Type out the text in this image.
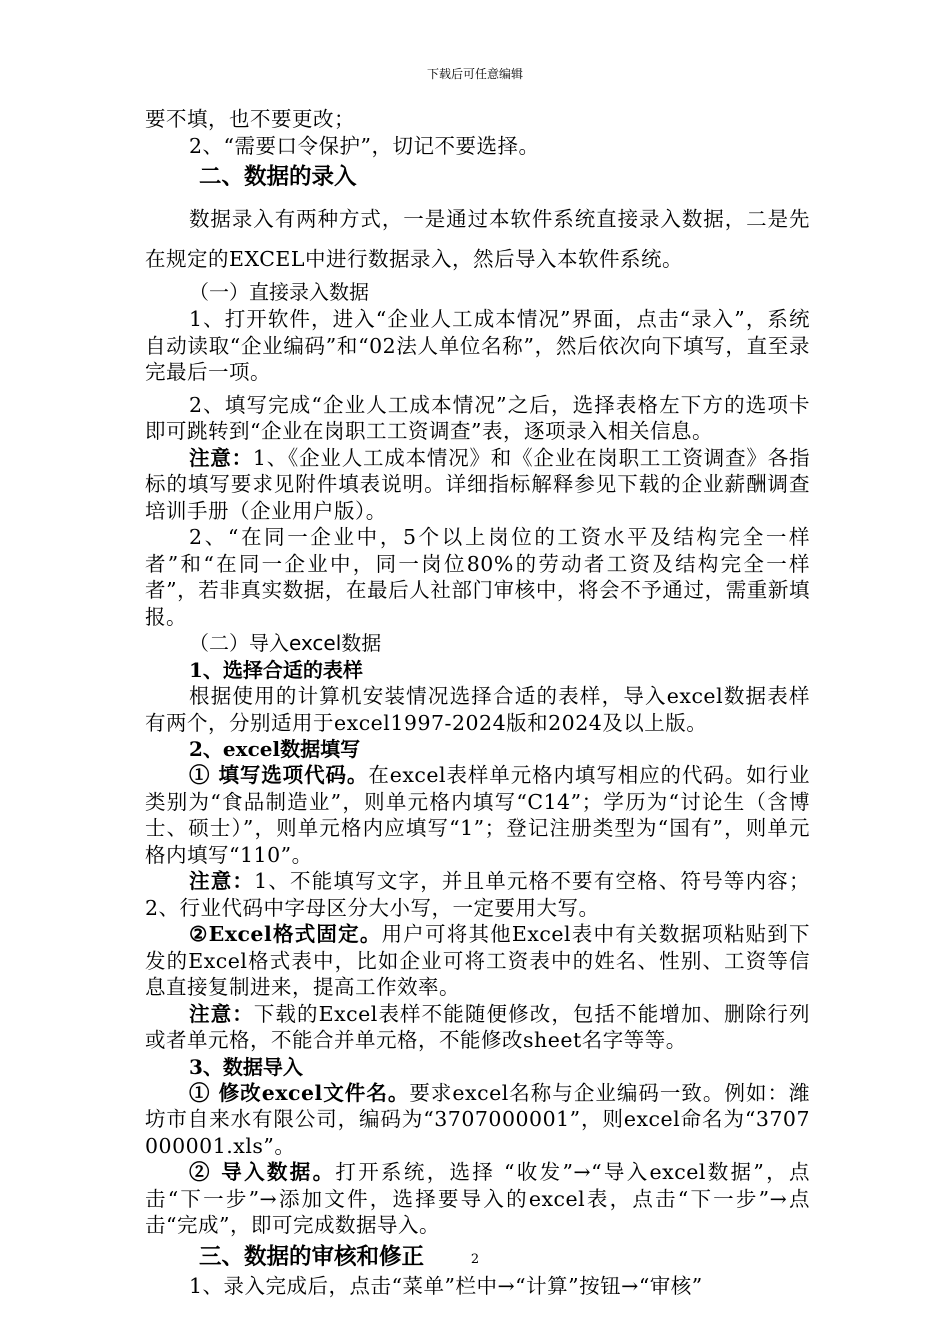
下载后可任意编辑

要不填，也不要更改；

2、“需要口令保护”，切记不要选择。

二、数据的录入

数据录入有两种方式，一是通过本软件系统直接录入数据，二是先在规定的EXCEL中进行数据录入，然后导入本软件系统。

（一）直接录入数据

1、打开软件，进入“企业人工成本情况”界面，点击“录入”，系统自动读取“企业编码”和“02法人单位名称”，然后依次向下填写，直至录完最后一项。

2、填写完成“企业人工成本情况”之后，选择表格左下方的选项卡即可跳转到“企业在岗职工工资调查”表，逐项录入相关信息。

注意：1、《企业人工成本情况》和《企业在岗职工工资调查》各指标的填写要求见附件填表说明。详细指标解释参见下载的企业薪酬调查培训手册（企业用户版）。

2、“在同一企业中，5个以上岗位的工资水平及结构完全一样者”和“在同一企业中，同一岗位80%的劳动者工资及结构完全一样者”，若非真实数据，在最后人社部门审核中，将会不予通过，需重新填报。

（二）导入excel数据
1、选择合适的表样

根据使用的计算机安装情况选择合适的表样，导入excel数据表样有两个，分别适用于excel1997-2024版和2024及以上版。

2、excel数据填写

① 填写选项代码。在excel表样单元格内填写相应的代码。如行业类别为“食品制造业”，则单元格内填写“C14”；学历为“讨论生（含博士、硕士）”，则单元格内应填写“1”；登记注册类型为“国有”，则单元格内填写“110”。

注意：1、不能填写文字，并且单元格不要有空格、符号等内容；2、行业代码中字母区分大小写，一定要用大写。

②Excel格式固定。用户可将其他Excel表中有关数据项粘贴到下发的Excel格式表中，比如企业可将工资表中的姓名、性别、工资等信息直接复制进来，提高工作效率。

注意：下载的Excel表样不能随便修改，包括不能增加、删除行列或者单元格，不能合并单元格，不能修改sheet名字等等。

3、数据导入

① 修改excel文件名。要求excel名称与企业编码一致。例如：潍坊市自来水有限公司，编码为“3707000001”，则excel命名为“3707000001.xls”。

② 导入数据。打开系统，选择 “收发”→“导入excel数据”，点击“下一步”→添加文件，选择要导入的excel表，点击“下一步”→点击“完成”，即可完成数据导入。

三、数据的审核和修正

1、录入完成后，点击“菜单”栏中→“计算”按钮→“审核”

2
